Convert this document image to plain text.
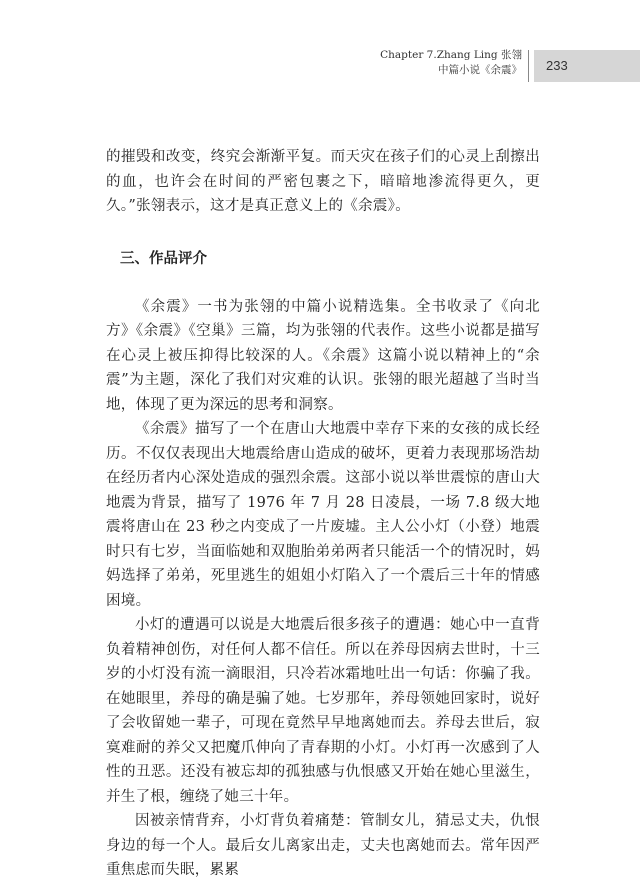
Chapter 7.Zhang Ling 张翎
中篇小说《余震》	233

的摧毁和改变，终究会渐渐平复。而天灾在孩子们的心灵上刮擦出的血，也许会在时间的严密包裹之下，暗暗地渗流得更久，更久。”张翎表示，这才是真正意义上的《余震》。

三、作品评介

《余震》一书为张翎的中篇小说精选集。全书收录了《向北方》《余震》《空巢》三篇，均为张翎的代表作。这些小说都是描写在心灵上被压抑得比较深的人。《余震》这篇小说以精神上的“余震”为主题，深化了我们对灾难的认识。张翎的眼光超越了当时当地，体现了更为深远的思考和洞察。

《余震》描写了一个在唐山大地震中幸存下来的女孩的成长经历。不仅仅表现出大地震给唐山造成的破坏，更着力表现那场浩劫在经历者内心深处造成的强烈余震。这部小说以举世震惊的唐山大地震为背景，描写了 1976 年 7 月 28 日凌晨，一场 7.8 级大地震将唐山在 23 秒之内变成了一片废墟。主人公小灯（小登）地震时只有七岁，当面临她和双胞胎弟弟两者只能活一个的情况时，妈妈选择了弟弟，死里逃生的姐姐小灯陷入了一个震后三十年的情感困境。

小灯的遭遇可以说是大地震后很多孩子的遭遇：她心中一直背负着精神创伤，对任何人都不信任。所以在养母因病去世时，十三岁的小灯没有流一滴眼泪，只冷若冰霜地吐出一句话：你骗了我。在她眼里，养母的确是骗了她。七岁那年，养母领她回家时，说好了会收留她一辈子，可现在竟然早早地离她而去。养母去世后，寂寞难耐的养父又把魔爪伸向了青春期的小灯。小灯再一次感到了人性的丑恶。还没有被忘却的孤独感与仇恨感又开始在她心里滋生，并生了根，缠绕了她三十年。

因被亲情背弃，小灯背负着痛楚：管制女儿，猜忌丈夫，仇恨身边的每一个人。最后女儿离家出走，丈夫也离她而去。常年因严重焦虑而失眠，累累
